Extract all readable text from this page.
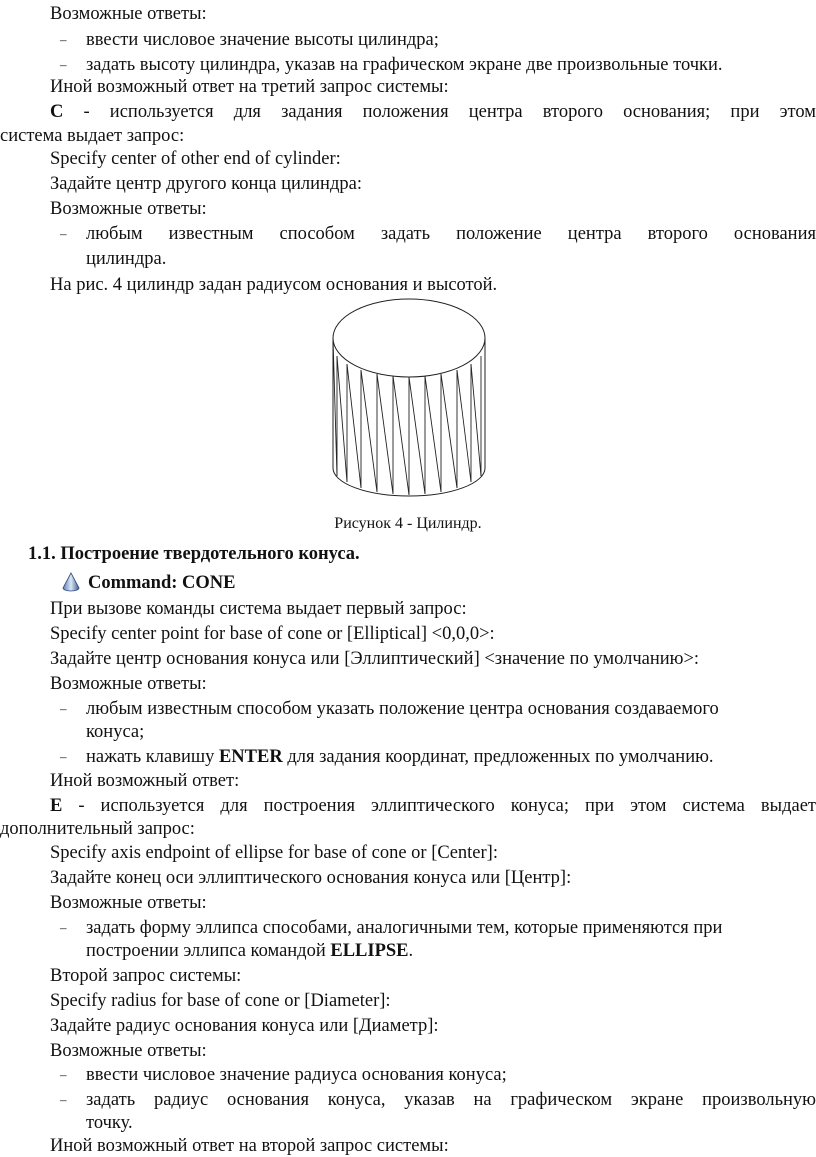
Возможные ответы:
– ввести числовое значение высоты цилиндра;
– задать высоту цилиндра, указав на графическом экране две произвольные точки.
Иной возможный ответ на третий запрос системы:
С - используется для задания положения центра второго основания; при этом
система выдает запрос:
Specify center of other end of cylinder:
Задайте центр другого конца цилиндра:
Возможные ответы:
– любым известным способом задать положение центра второго основания
цилиндра.
На рис. 4 цилиндр задан радиусом основания и высотой.
Рисунок 4 - Цилиндр.
1.1. Построение твердотельного конуса.
Command: CONE
При вызове команды система выдает первый запрос:
Specify center point for base of cone or [Elliptical] <0,0,0>:
Задайте центр основания конуса или [Эллиптический] <значение по умолчанию>:
Возможные ответы:
– любым известным способом указать положение центра основания создаваемого
конуса;
– нажать клавишу ENTER для задания координат, предложенных по умолчанию.
Иной возможный ответ:
Е - используется для построения эллиптического конуса; при этом система выдает
дополнительный запрос:
Specify axis endpoint of ellipse for base of cone or [Center]:
Задайте конец оси эллиптического основания конуса или [Центр]:
Возможные ответы:
– задать форму эллипса способами, аналогичными тем, которые применяются при
построении эллипса командой ELLIPSE.
Второй запрос системы:
Specify radius for base of cone or [Diameter]:
Задайте радиус основания конуса или [Диаметр]:
Возможные ответы:
– ввести числовое значение радиуса основания конуса;
– задать радиус основания конуса, указав на графическом экране произвольную
точку.
Иной возможный ответ на второй запрос системы:
